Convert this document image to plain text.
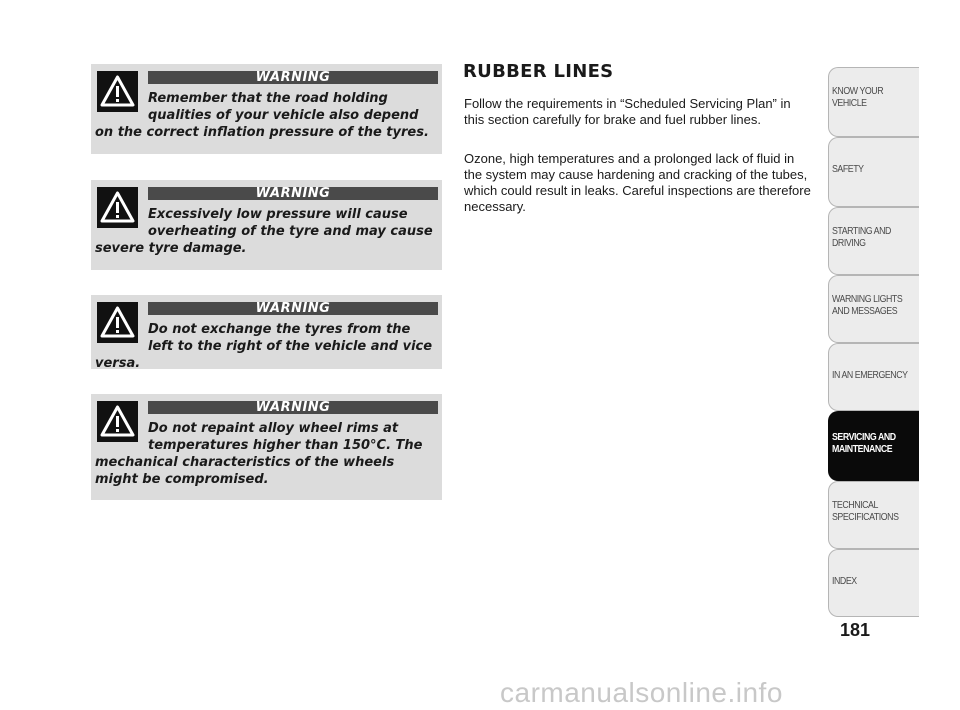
WARNING

Remember that the road holding qualities of your vehicle also depend on the correct inflation pressure of the tyres.

WARNING

Excessively low pressure will cause overheating of the tyre and may cause severe tyre damage.

WARNING

Do not exchange the tyres from the left to the right of the vehicle and vice versa.

WARNING

Do not repaint alloy wheel rims at temperatures higher than 150°C. The mechanical characteristics of the wheels might be compromised.

RUBBER LINES

Follow the requirements in “Scheduled Servicing Plan” in this section carefully for brake and fuel rubber lines.

Ozone, high temperatures and a prolonged lack of fluid in the system may cause hardening and cracking of the tubes, which could result in leaks. Careful inspections are therefore necessary.

KNOW YOUR
VEHICLE
SAFETY
STARTING AND
DRIVING
WARNING LIGHTS
AND MESSAGES
IN AN EMERGENCY
SERVICING AND
MAINTENANCE
TECHNICAL
SPECIFICATIONS
INDEX

181

carmanualsonline.info
